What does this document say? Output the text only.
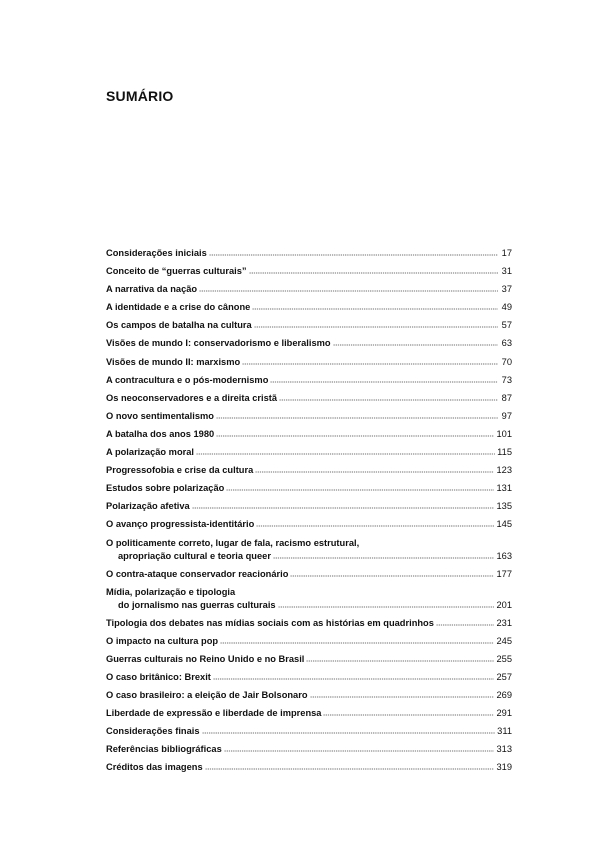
SUMÁRIO
Considerações iniciais	17
Conceito de “guerras culturais”	31
A narrativa da nação	37
A identidade e a crise do cânone	49
Os campos de batalha na cultura	57
Visões de mundo I: conservadorismo e liberalismo	63
Visões de mundo II: marxismo	70
A contracultura e o pós-modernismo	73
Os neoconservadores e a direita cristã	87
O novo sentimentalismo	97
A batalha dos anos 1980	101
A polarização moral	115
Progressofobia e crise da cultura	123
Estudos sobre polarização	131
Polarização afetiva	135
O avanço progressista-identitário	145
O politicamente correto, lugar de fala, racismo estrutural,
apropriação cultural e teoria queer	163
O contra-ataque conservador reacionário	177
Mídia, polarização e tipologia
do jornalismo nas guerras culturais	201
Tipologia dos debates nas mídias sociais com as histórias em quadrinhos	231
O impacto na cultura pop	245
Guerras culturais no Reino Unido e no Brasil	255
O caso britânico: Brexit	257
O caso brasileiro: a eleição de Jair Bolsonaro	269
Liberdade de expressão e liberdade de imprensa	291
Considerações finais	311
Referências bibliográficas	313
Créditos das imagens	319
